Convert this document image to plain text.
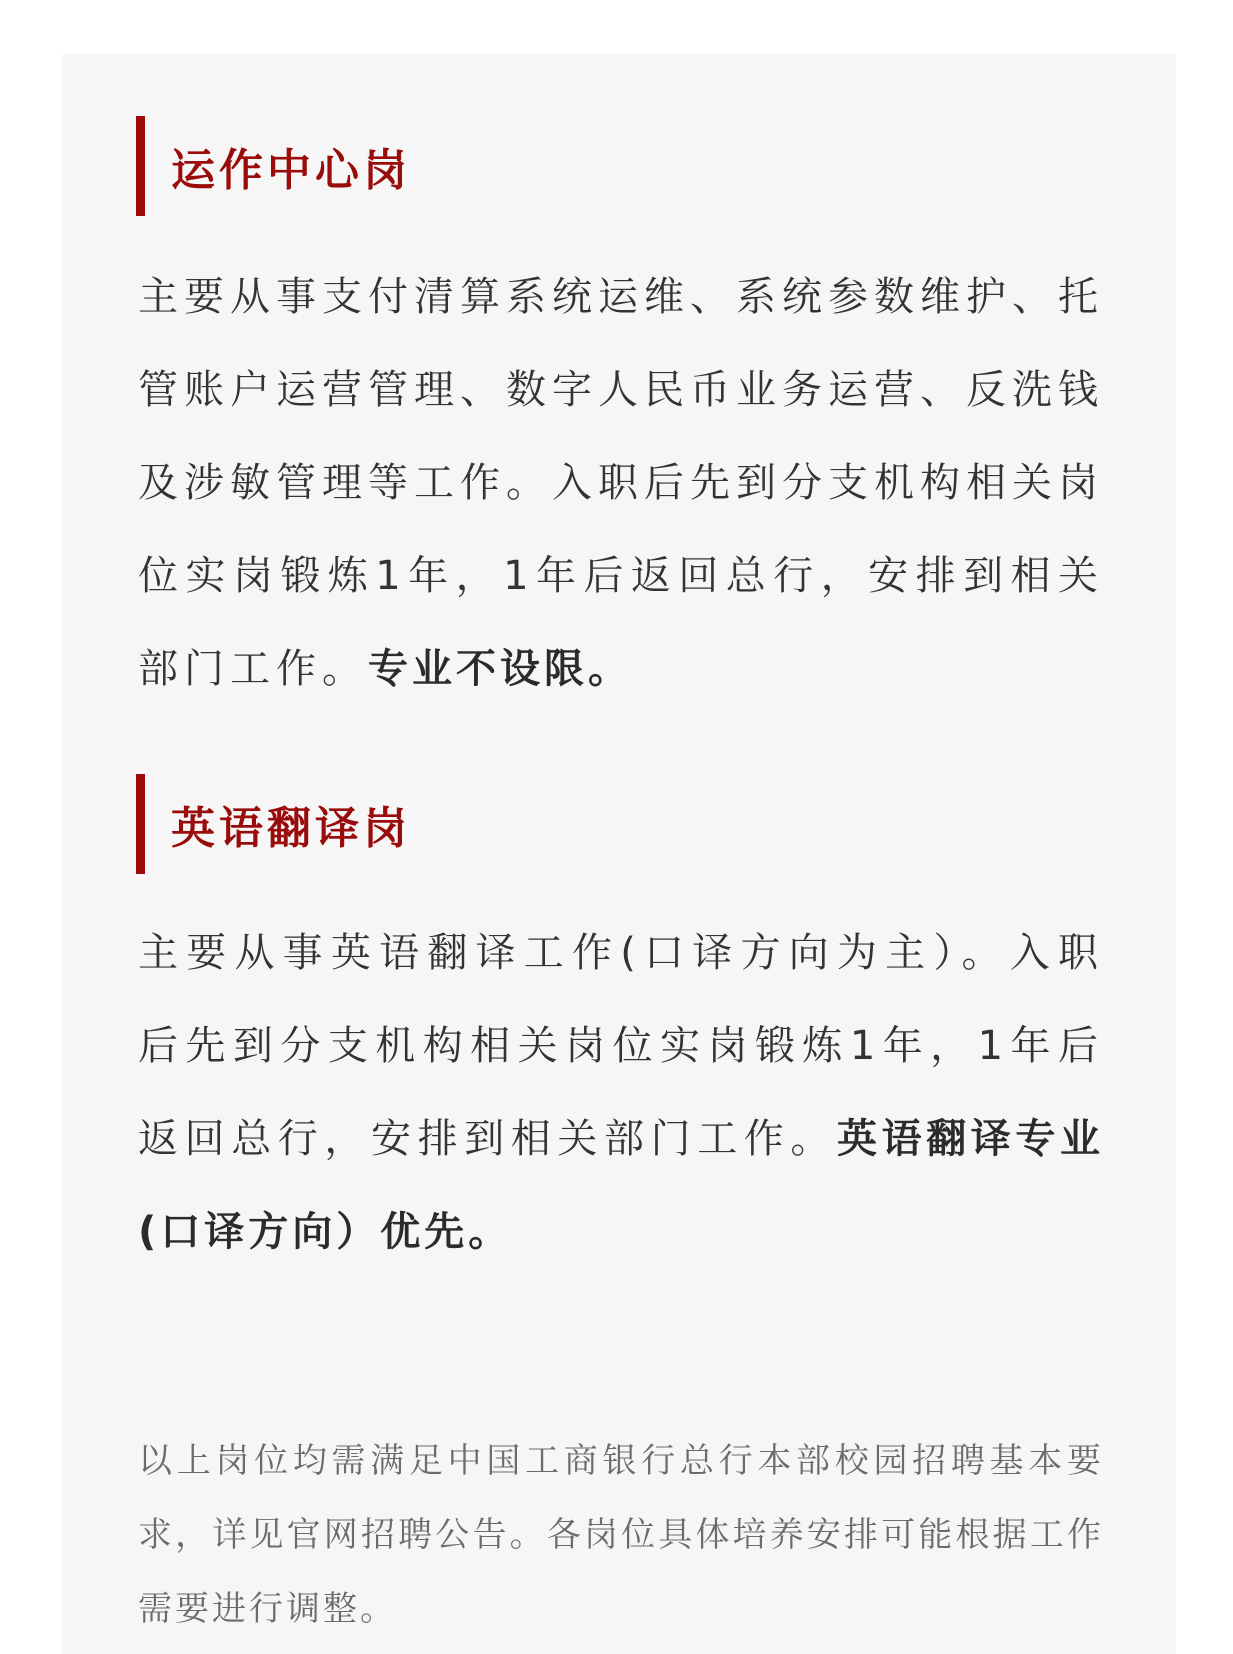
运作中心岗
主要从事支付清算系统运维、系统参数维护、托管账户运营管理、数字人民币业务运营、反洗钱及涉敏管理等工作。入职后先到分支机构相关岗位实岗锻炼1年，1年后返回总行，安排到相关部门工作。专业不设限。
英语翻译岗
主要从事英语翻译工作(口译方向为主）。入职后先到分支机构相关岗位实岗锻炼1年，1年后返回总行，安排到相关部门工作。英语翻译专业(口译方向）优先。
以上岗位均需满足中国工商银行总行本部校园招聘基本要求，详见官网招聘公告。各岗位具体培养安排可能根据工作需要进行调整。
